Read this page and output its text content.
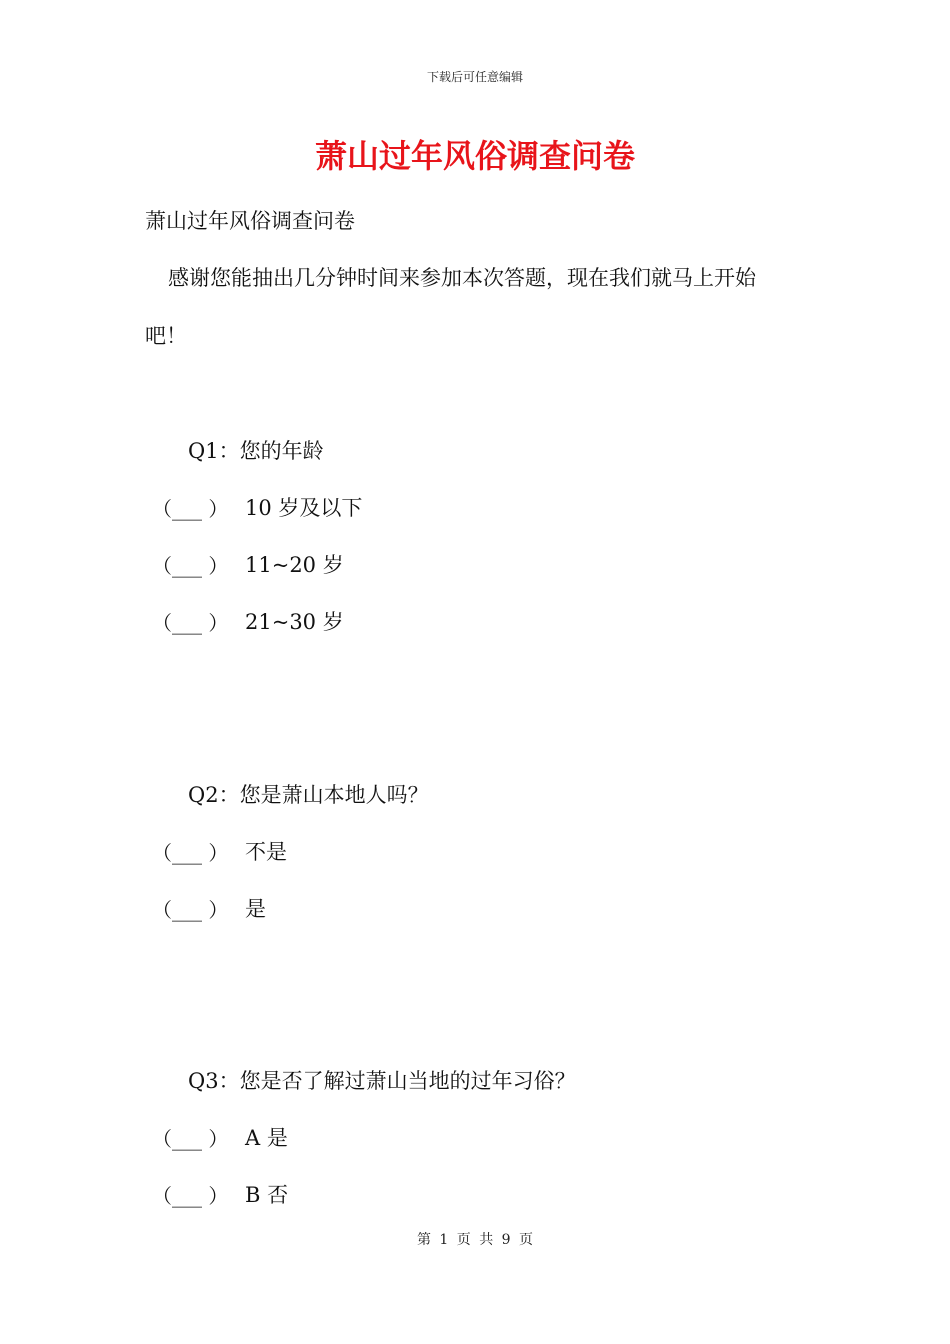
下载后可任意编辑
萧山过年风俗调查问卷
萧山过年风俗调查问卷
感谢您能抽出几分钟时间来参加本次答题，现在我们就马上开始
吧！
Q1：您的年龄
（___ ） 10 岁及以下
（___ ） 11~20 岁
（___ ） 21~30 岁
Q2：您是萧山本地人吗？
（___ ） 不是
（___ ） 是
Q3：您是否了解过萧山当地的过年习俗？
（___ ） A 是
（___ ） B 否
第 1 页 共 9 页
